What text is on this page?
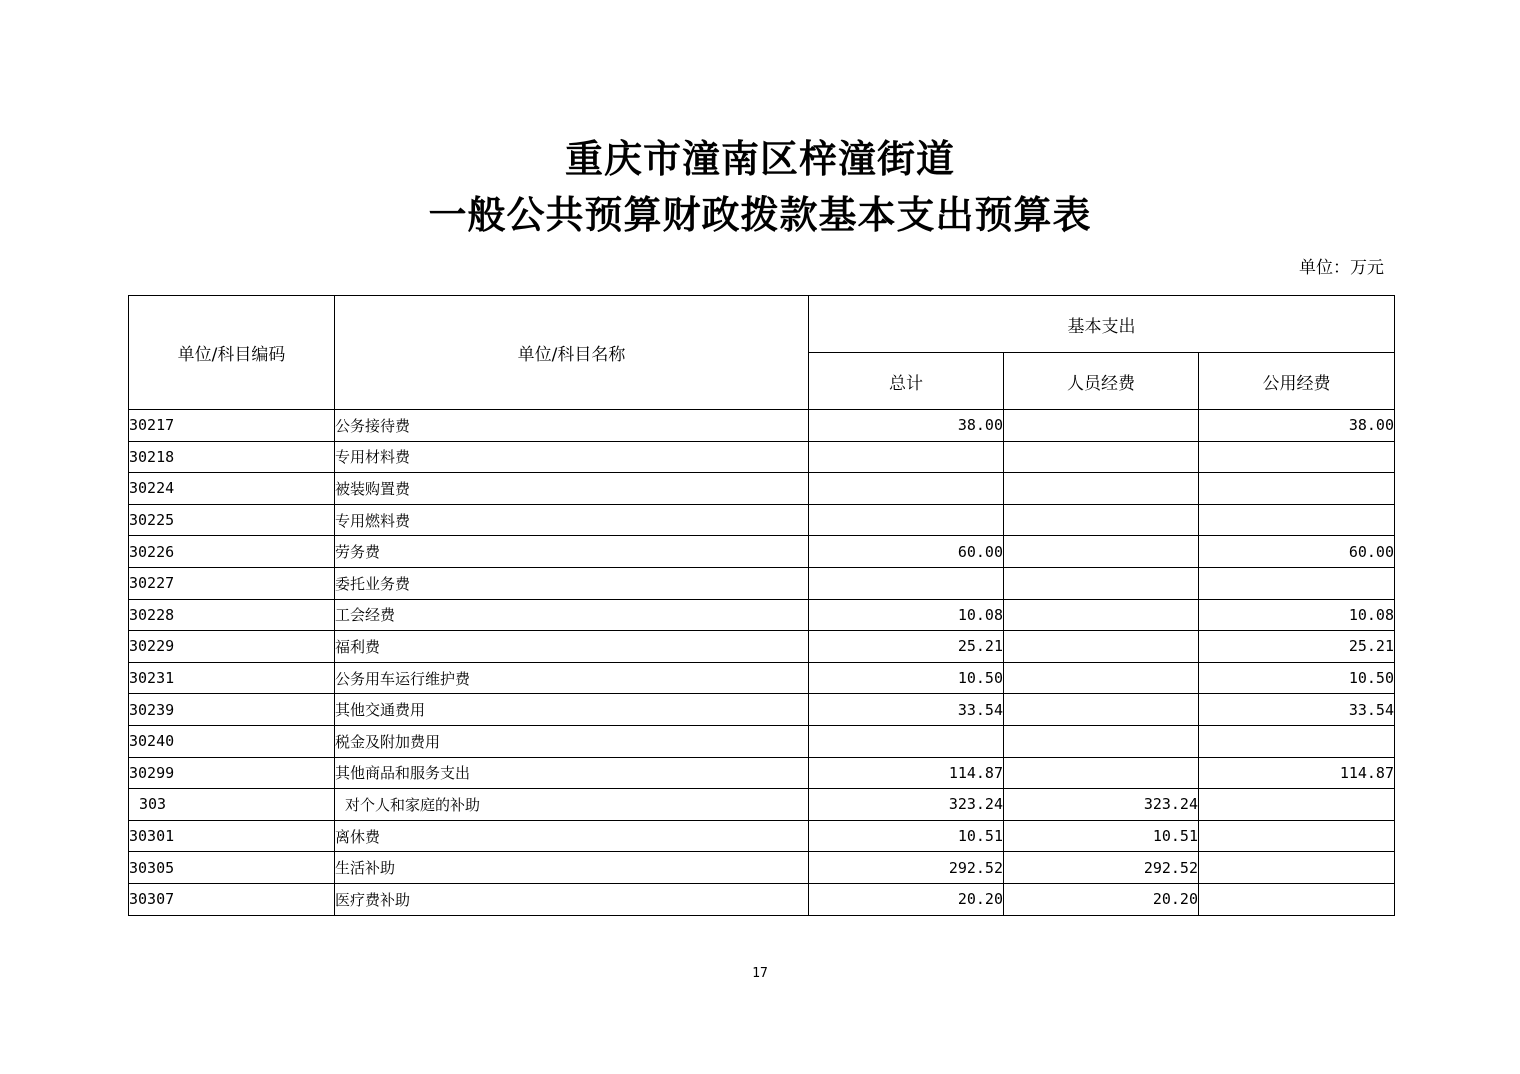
重庆市潼南区梓潼街道
一般公共预算财政拨款基本支出预算表
单位：万元
单位/科目编码	单位/科目名称	基本支出		
		总计	人员经费	公用经费
30217	公务接待费	38.00		38.00
30218	专用材料费			
30224	被装购置费			
30225	专用燃料费			
30226	劳务费	60.00		60.00
30227	委托业务费			
30228	工会经费	10.08		10.08
30229	福利费	25.21		25.21
30231	公务用车运行维护费	10.50		10.50
30239	其他交通费用	33.54		33.54
30240	税金及附加费用			
30299	其他商品和服务支出	114.87		114.87
303	对个人和家庭的补助	323.24	323.24	
30301	离休费	10.51	10.51	
30305	生活补助	292.52	292.52	
30307	医疗费补助	20.20	20.20	
17
